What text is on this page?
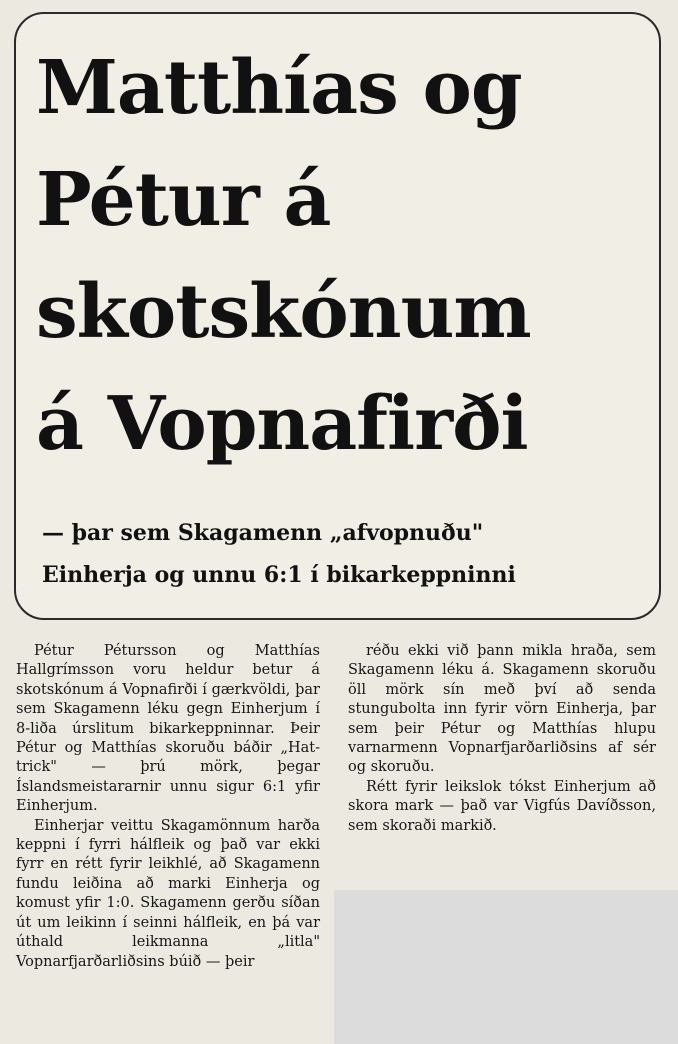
Matthías og
Pétur á
skotskónum
á Vopnafirði
— þar sem Skagamenn „afvopnuðu"
Einherja og unnu 6:1 í bikarkeppninni

Pétur Pétursson og Matthías Hallgrímsson voru heldur betur á skotskónum á Vopnafirði í gærkvöldi, þar sem Skagamenn léku gegn Einherjum í 8-liða úrslitum bikarkeppninnar. Þeir Pétur og Matthías skoruðu báðir „Hat-trick" — þrú mörk, þegar Íslandsmeistararnir unnu sigur 6:1 yfir Einherjum.

Einherjar veittu Skagamönnum harða keppni í fyrri hálfleik og það var ekki fyrr en rétt fyrir leikhlé, að Skagamenn fundu leiðina að marki Einherja og komust yfir 1:0. Skagamenn gerðu síðan út um leikinn í seinni hálfleik, en þá var úthald leikmanna „litla" Vopnarfjarðarliðsins búið — þeir

réðu ekki við þann mikla hraða, sem Skagamenn léku á. Skagamenn skoruðu öll mörk sín með því að senda stungubolta inn fyrir vörn Einherja, þar sem þeir Pétur og Matthías hlupu varnarmenn Vopnarfjarðarliðsins af sér og skoruðu.

Rétt fyrir leikslok tókst Einherjum að skora mark — það var Vigfús Davíðsson, sem skoraði markið.
